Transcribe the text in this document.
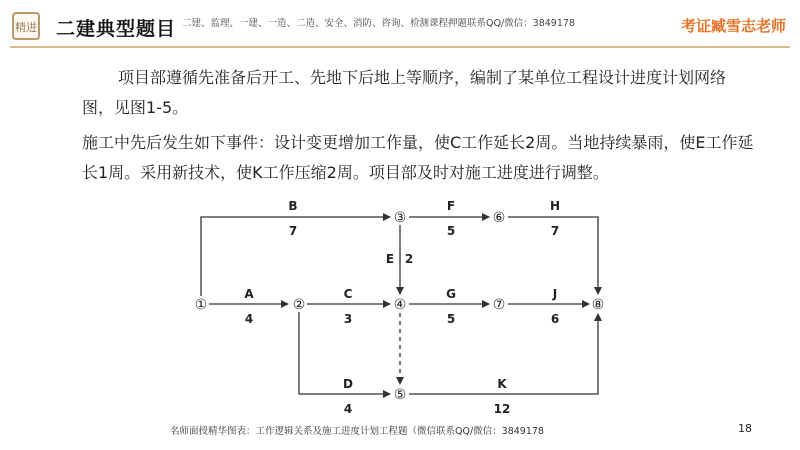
精进 二建典型题目 二建、监理、一建、一造、二造、安全、消防、咨询、检测课程押题联系QQ/微信：3849178	考证臧雪志老师
项目部遵循先准备后开工、先地下后地上等顺序，编制了某单位工程设计进度计划网络图，见图1-5。
施工中先后发生如下事件：设计变更增加工作量，使C工作延长2周。当地持续暴雨，使E工作延长1周。采用新技术，使K工作压缩2周。项目部及时对施工进度进行调整。
①	②
③
④
⑤
⑥
⑦	⑧
A
4
B
7
C
3
D
4
E 2
F
5
G
5
H
7
J
6
K
12
名师面授精华图表：工作逻辑关系及施工进度计划工程题（微信联系QQ/微信：3849178	18
